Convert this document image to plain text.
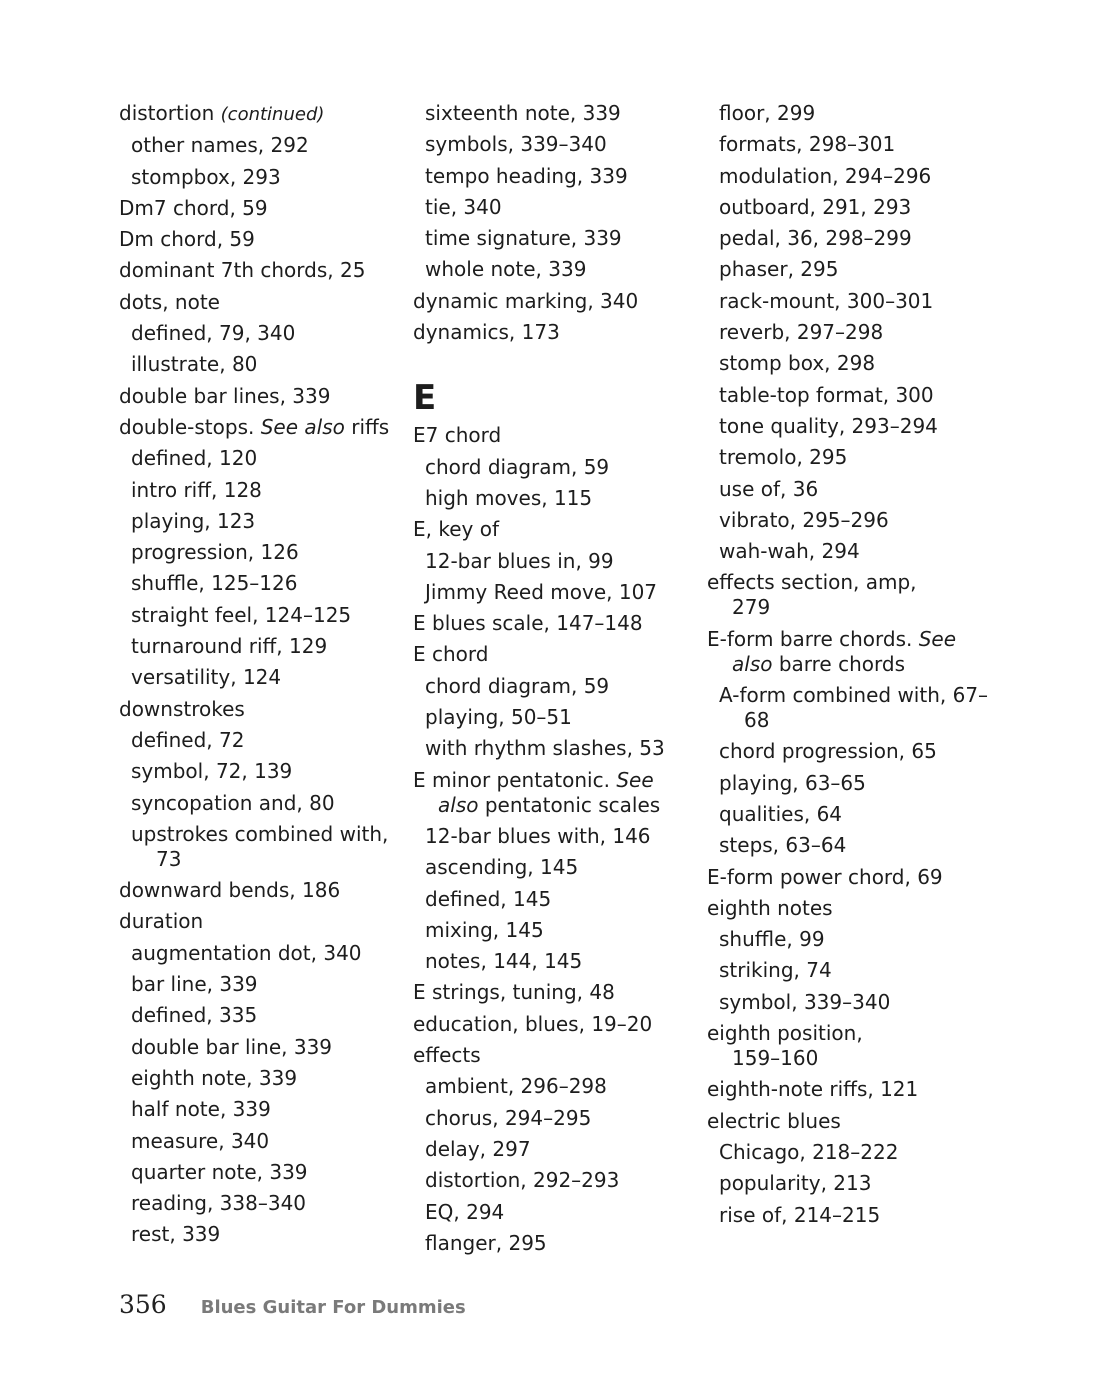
distortion (continued)
other names, 292
stompbox, 293
Dm7 chord, 59
Dm chord, 59
dominant 7th chords, 25
dots, note
defined, 79, 340
illustrate, 80
double bar lines, 339
double-stops. See also riffs
defined, 120
intro riff, 128
playing, 123
progression, 126
shuffle, 125–126
straight feel, 124–125
turnaround riff, 129
versatility, 124
downstrokes
defined, 72
symbol, 72, 139
syncopation and, 80
upstrokes combined with, 73
downward bends, 186
duration
augmentation dot, 340
bar line, 339
defined, 335
double bar line, 339
eighth note, 339
half note, 339
measure, 340
quarter note, 339
reading, 338–340
rest, 339
sixteenth note, 339
symbols, 339–340
tempo heading, 339
tie, 340
time signature, 339
whole note, 339
dynamic marking, 340
dynamics, 173
E
E7 chord
chord diagram, 59
high moves, 115
E, key of
12-bar blues in, 99
Jimmy Reed move, 107
E blues scale, 147–148
E chord
chord diagram, 59
playing, 50–51
with rhythm slashes, 53
E minor pentatonic. See also pentatonic scales
12-bar blues with, 146
ascending, 145
defined, 145
mixing, 145
notes, 144, 145
E strings, tuning, 48
education, blues, 19–20
effects
ambient, 296–298
chorus, 294–295
delay, 297
distortion, 292–293
EQ, 294
flanger, 295
floor, 299
formats, 298–301
modulation, 294–296
outboard, 291, 293
pedal, 36, 298–299
phaser, 295
rack-mount, 300–301
reverb, 297–298
stomp box, 298
table-top format, 300
tone quality, 293–294
tremolo, 295
use of, 36
vibrato, 295–296
wah-wah, 294
effects section, amp, 279
E-form barre chords. See also barre chords
A-form combined with, 67–68
chord progression, 65
playing, 63–65
qualities, 64
steps, 63–64
E-form power chord, 69
eighth notes
shuffle, 99
striking, 74
symbol, 339–340
eighth position, 159–160
eighth-note riffs, 121
electric blues
Chicago, 218–222
popularity, 213
rise of, 214–215
356 Blues Guitar For Dummies
